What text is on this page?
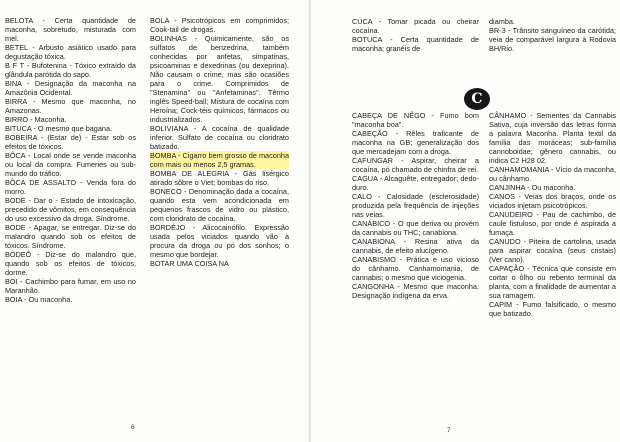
BELOTA - Certa quantidade de maconha, sobretudo, misturada com mel.

BETEL - Arbusto asiático usado para degustação tóxica.

B F T - Bufotenina - Tóxico extraído da glândula parótida do sapo.

BINA - Designação da maconha na Amazônia Ocidental.

BIRRA - Mesmo que maconha, no Amazonas.

BIRRO - Maconha.

BITUCA - O mesmo que bagana.

BOBEIRA - (Estar de) - Estar sob os efeitos de tóxicos.

BÔCA - Local onde se vende maconha ou local da compra. Fumeries ou sub-mundo do tráfico.

BÔCA DE ASSALTO - Venda fora do morro.

BODE - Dar o - Estado de intoxicação, precedido de vômitos, em consequência do uso excessivo da droga. Síndrome.

BODE - Apagar, se entregar. Diz-se do malandro quando sob os efeitos de tóxicos. Síndrome.

BODEÔ - Diz-se do malandro que, quando sob os efeitos de tóxicos, dorme.

BOI - Cachimbo para fumar, em uso no Maranhão.

BOIA - Ou maconha.

BOLA - Psicotrópicos em comprimidos; Cook-tail de drogas.

BOLINHAS - Quimicamente, são os sulfatos de benzedrina, também conhecidas por anfetas, simpatinas, psicoaminas e dexedrinas (ou dexeprina). Não causam o crime, mas são ocasiões para o crime. Comprimidos de "Stenamina" ou "Anfetaminas". Têrmo inglês Speed-ball; Mistura de cocaína com Heroína; Cock-téis químicos, fármacos ou industrializados.

BOLIVIANA - A cocaína de qualidade inferior. Sulfato de cocaína ou cloridrato batizado.

BOMBA - Cigarro bem grosso de maconha com mais ou menos 2,5 gramas.

BOMBA DE ALEGRIA - Gás lisérgico atirado sôbre o Viet; bombas do riso.

BONECO - Denominação dada a cocaína, quando esta vem acondicionada em pequenos frascos de vidro ou plástico, com cloridrato de cocaína.

BORDÉJO - Alicocainófilo. Expressão usada pelos viciados quando vão à procura da droga ou pó dos sonhos; o mesmo que bordejar.

BOTAR UMA COISA NA

6

CUCA - Tomar picada ou cheirar cocaína.

BOTUCA - Certa quantidade de maconha; granéis de

diamba.

BR-3 - Trânsito sanguíneo da carótida; veia de comparável largura à Rodovia BH/Rio.

C

CABEÇA DE NÊGO - Fumo bom "maconha boa".

CABEÇÃO - Rêles traficante de maconha na GB; generalização dos que mercadejam com a droga.

CAFUNGAR - Aspirar, cheirar a cocaína, pó chamado de chinfra de rei.

CAGUA - Alcaguête, entregador; dedo-duro.

CALO - Calosidade (esclerosidade) produzida pela frequência de injeções nas veias.

CANÁBICO - O que deriva ou provém da cannabis ou THC; canabiona.

CANABIONA - Resina ativa da cannabis, de efeito alucígeno.

CANABISMO - Prática e uso vicioso do cânhamo. Canhamomania, de cannabis; o mesmo que viciogenia.

CANGONHA - Mesmo que maconha. Designação indígena da erva.

CÂNHAMO - Sementes da Cannabis Sativa, cuja inversão das letras forma a palavra Maconha. Planta textil da família das moráceas; sub-família cannoboidae; gênero cannabis, ou indica C2 H28 02.

CANHAMOMANIA - Vício da maconha, ou cânhamo.

CANJINHA - Ou maconha.

CANOS - Veias dos braços, onde os viciados injetam psicotrópicos.

CANUDEIRO - Pau de cachimbo, de caule fistuloso, por onde é aspirada a fumaça.

CANUDO - Piteira de cartolina, usada para aspirar cocaína (seus cristais) (Ver cano).

CAPAÇÃO - Técnica que consiste em cortar o ôlho ou rebento terminal da planta, com a finalidade de aumentar a sua ramagem.

CAPIM - Fumo falsificado, o mesmo que batizado.

7
